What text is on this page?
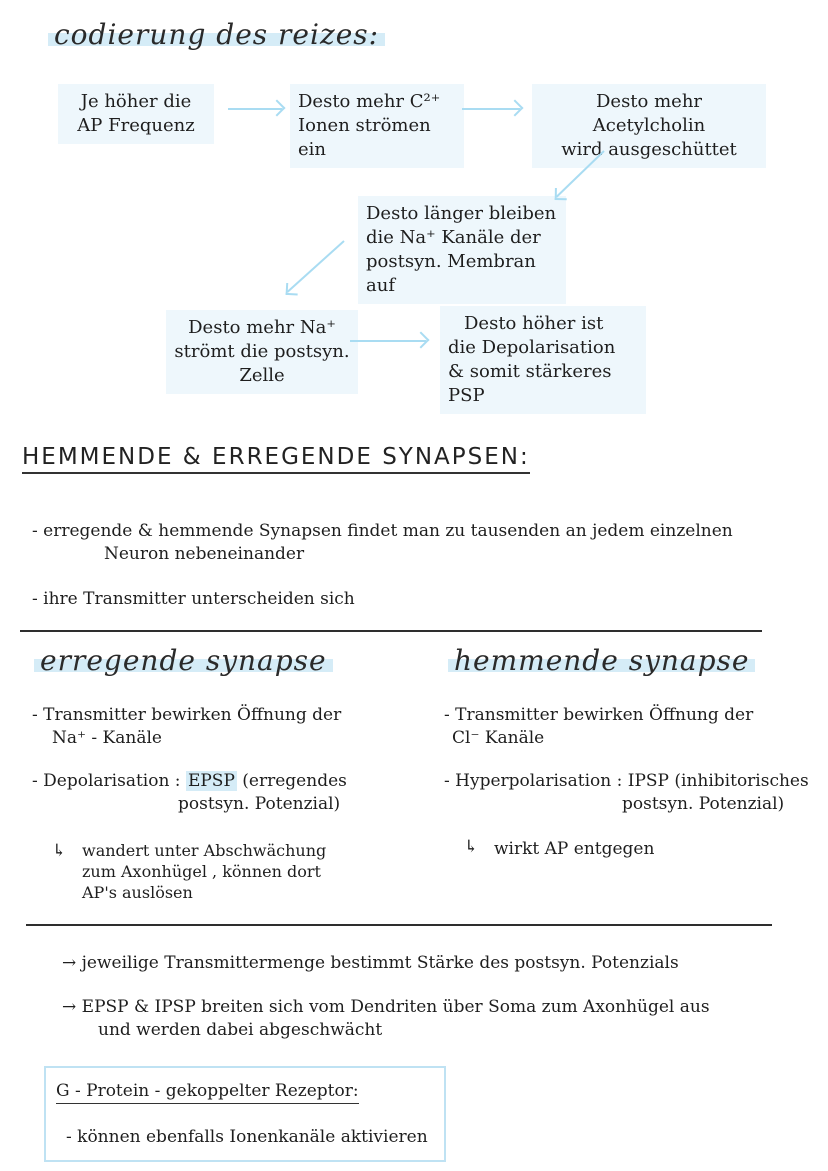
codierung des reizes:
Je höher die
AP Frequenz
Desto mehr C²⁺
Ionen strömen ein
Desto mehr Acetylcholin
wird ausgeschüttet
Desto länger bleiben
die Na⁺ Kanäle der
postsyn. Membran auf
Desto mehr Na⁺
strömt die postsyn.
Zelle
Desto höher ist
die Depolarisation
& somit stärkeres PSP
HEMMENDE & ERREGENDE SYNAPSEN:
- erregende & hemmende Synapsen findet man zu tausenden an jedem einzelnen
Neuron nebeneinander
- ihre Transmitter unterscheiden sich
erregende synapse
- Transmitter bewirken Öffnung der
Na⁺ - Kanäle
- Depolarisation : EPSP (erregendes
postsyn. Potenzial)
↳ wandert unter Abschwächung
zum Axonhügel , können dort
AP's auslösen
hemmende synapse
- Transmitter bewirken Öffnung der
Cl⁻ Kanäle
- Hyperpolarisation : IPSP (inhibitorisches
postsyn. Potenzial)
↳ wirkt AP entgegen
→ jeweilige Transmittermenge bestimmt Stärke des postsyn. Potenzials
→ EPSP & IPSP breiten sich vom Dendriten über Soma zum Axonhügel aus
und werden dabei abgeschwächt
G - Protein - gekoppelter Rezeptor:
- können ebenfalls Ionenkanäle aktivieren
